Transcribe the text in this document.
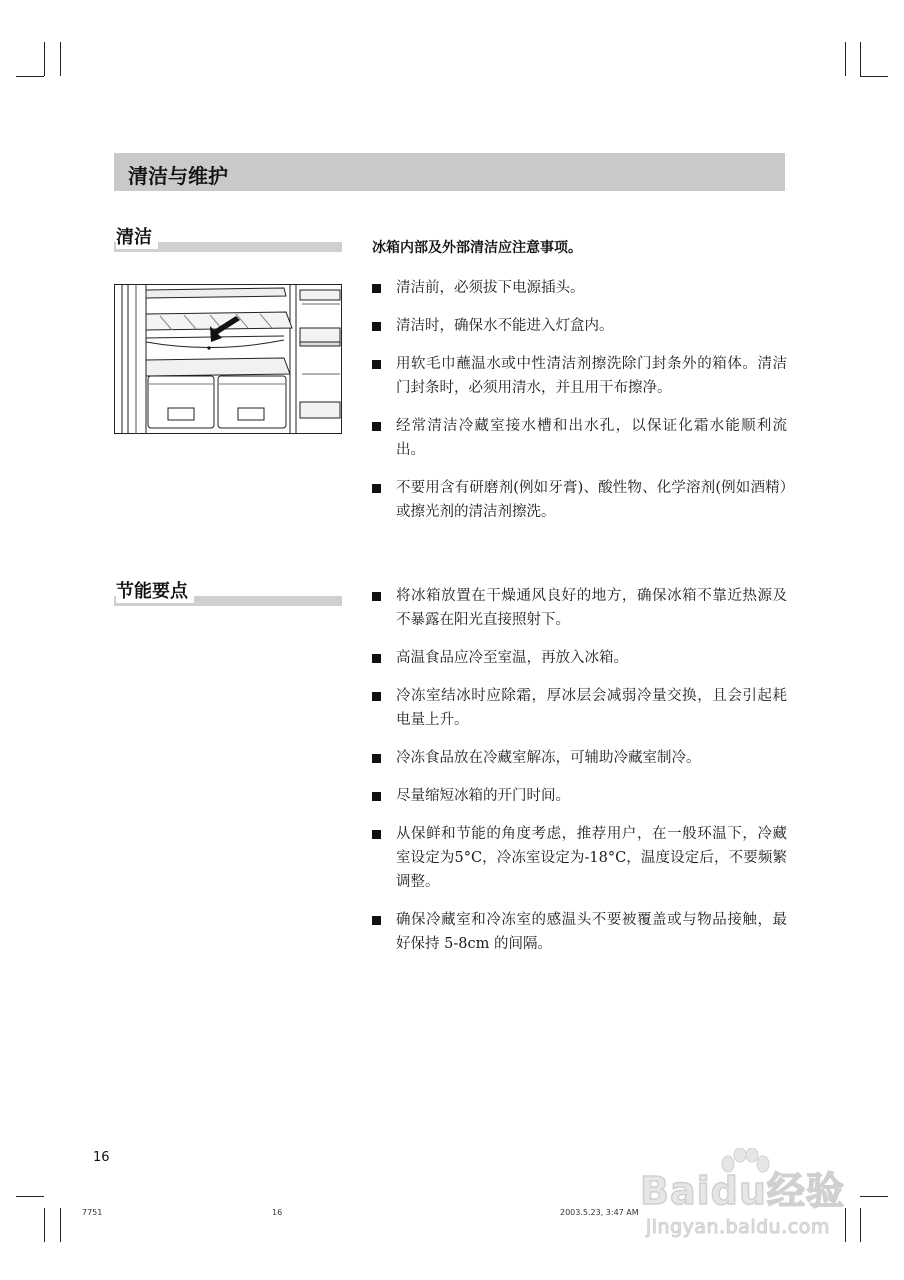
清洁与维护
清洁	冰箱内部及外部清洁应注意事项。
清洁前，必须拔下电源插头。
清洁时，确保水不能进入灯盒内。
用软毛巾蘸温水或中性清洁剂擦洗除门封条外的箱体。清洁门封条时，必须用清水，并且用干布擦净。
经常清洁冷藏室接水槽和出水孔，以保证化霜水能顺利流出。
不要用含有研磨剂(例如牙膏)、酸性物、化学溶剂(例如酒精）或擦光剂的清洁剂擦洗。
节能要点	将冰箱放置在干燥通风良好的地方，确保冰箱不靠近热源及不暴露在阳光直接照射下。
高温食品应冷至室温，再放入冰箱。
冷冻室结冰时应除霜，厚冰层会减弱冷量交换，且会引起耗电量上升。
冷冻食品放在冷藏室解冻，可辅助冷藏室制冷。
尽量缩短冰箱的开门时间。
从保鲜和节能的角度考虑，推荐用户，在一般环温下，冷藏室设定为5°C，冷冻室设定为-18°C，温度设定后，不要频繁调整。
确保冷藏室和冷冻室的感温头不要被覆盖或与物品接触，最好保持 5-8cm 的间隔。
16
7751	16	2003.5.23, 3:47 AM Baidu经验
jingyan.baidu.com
